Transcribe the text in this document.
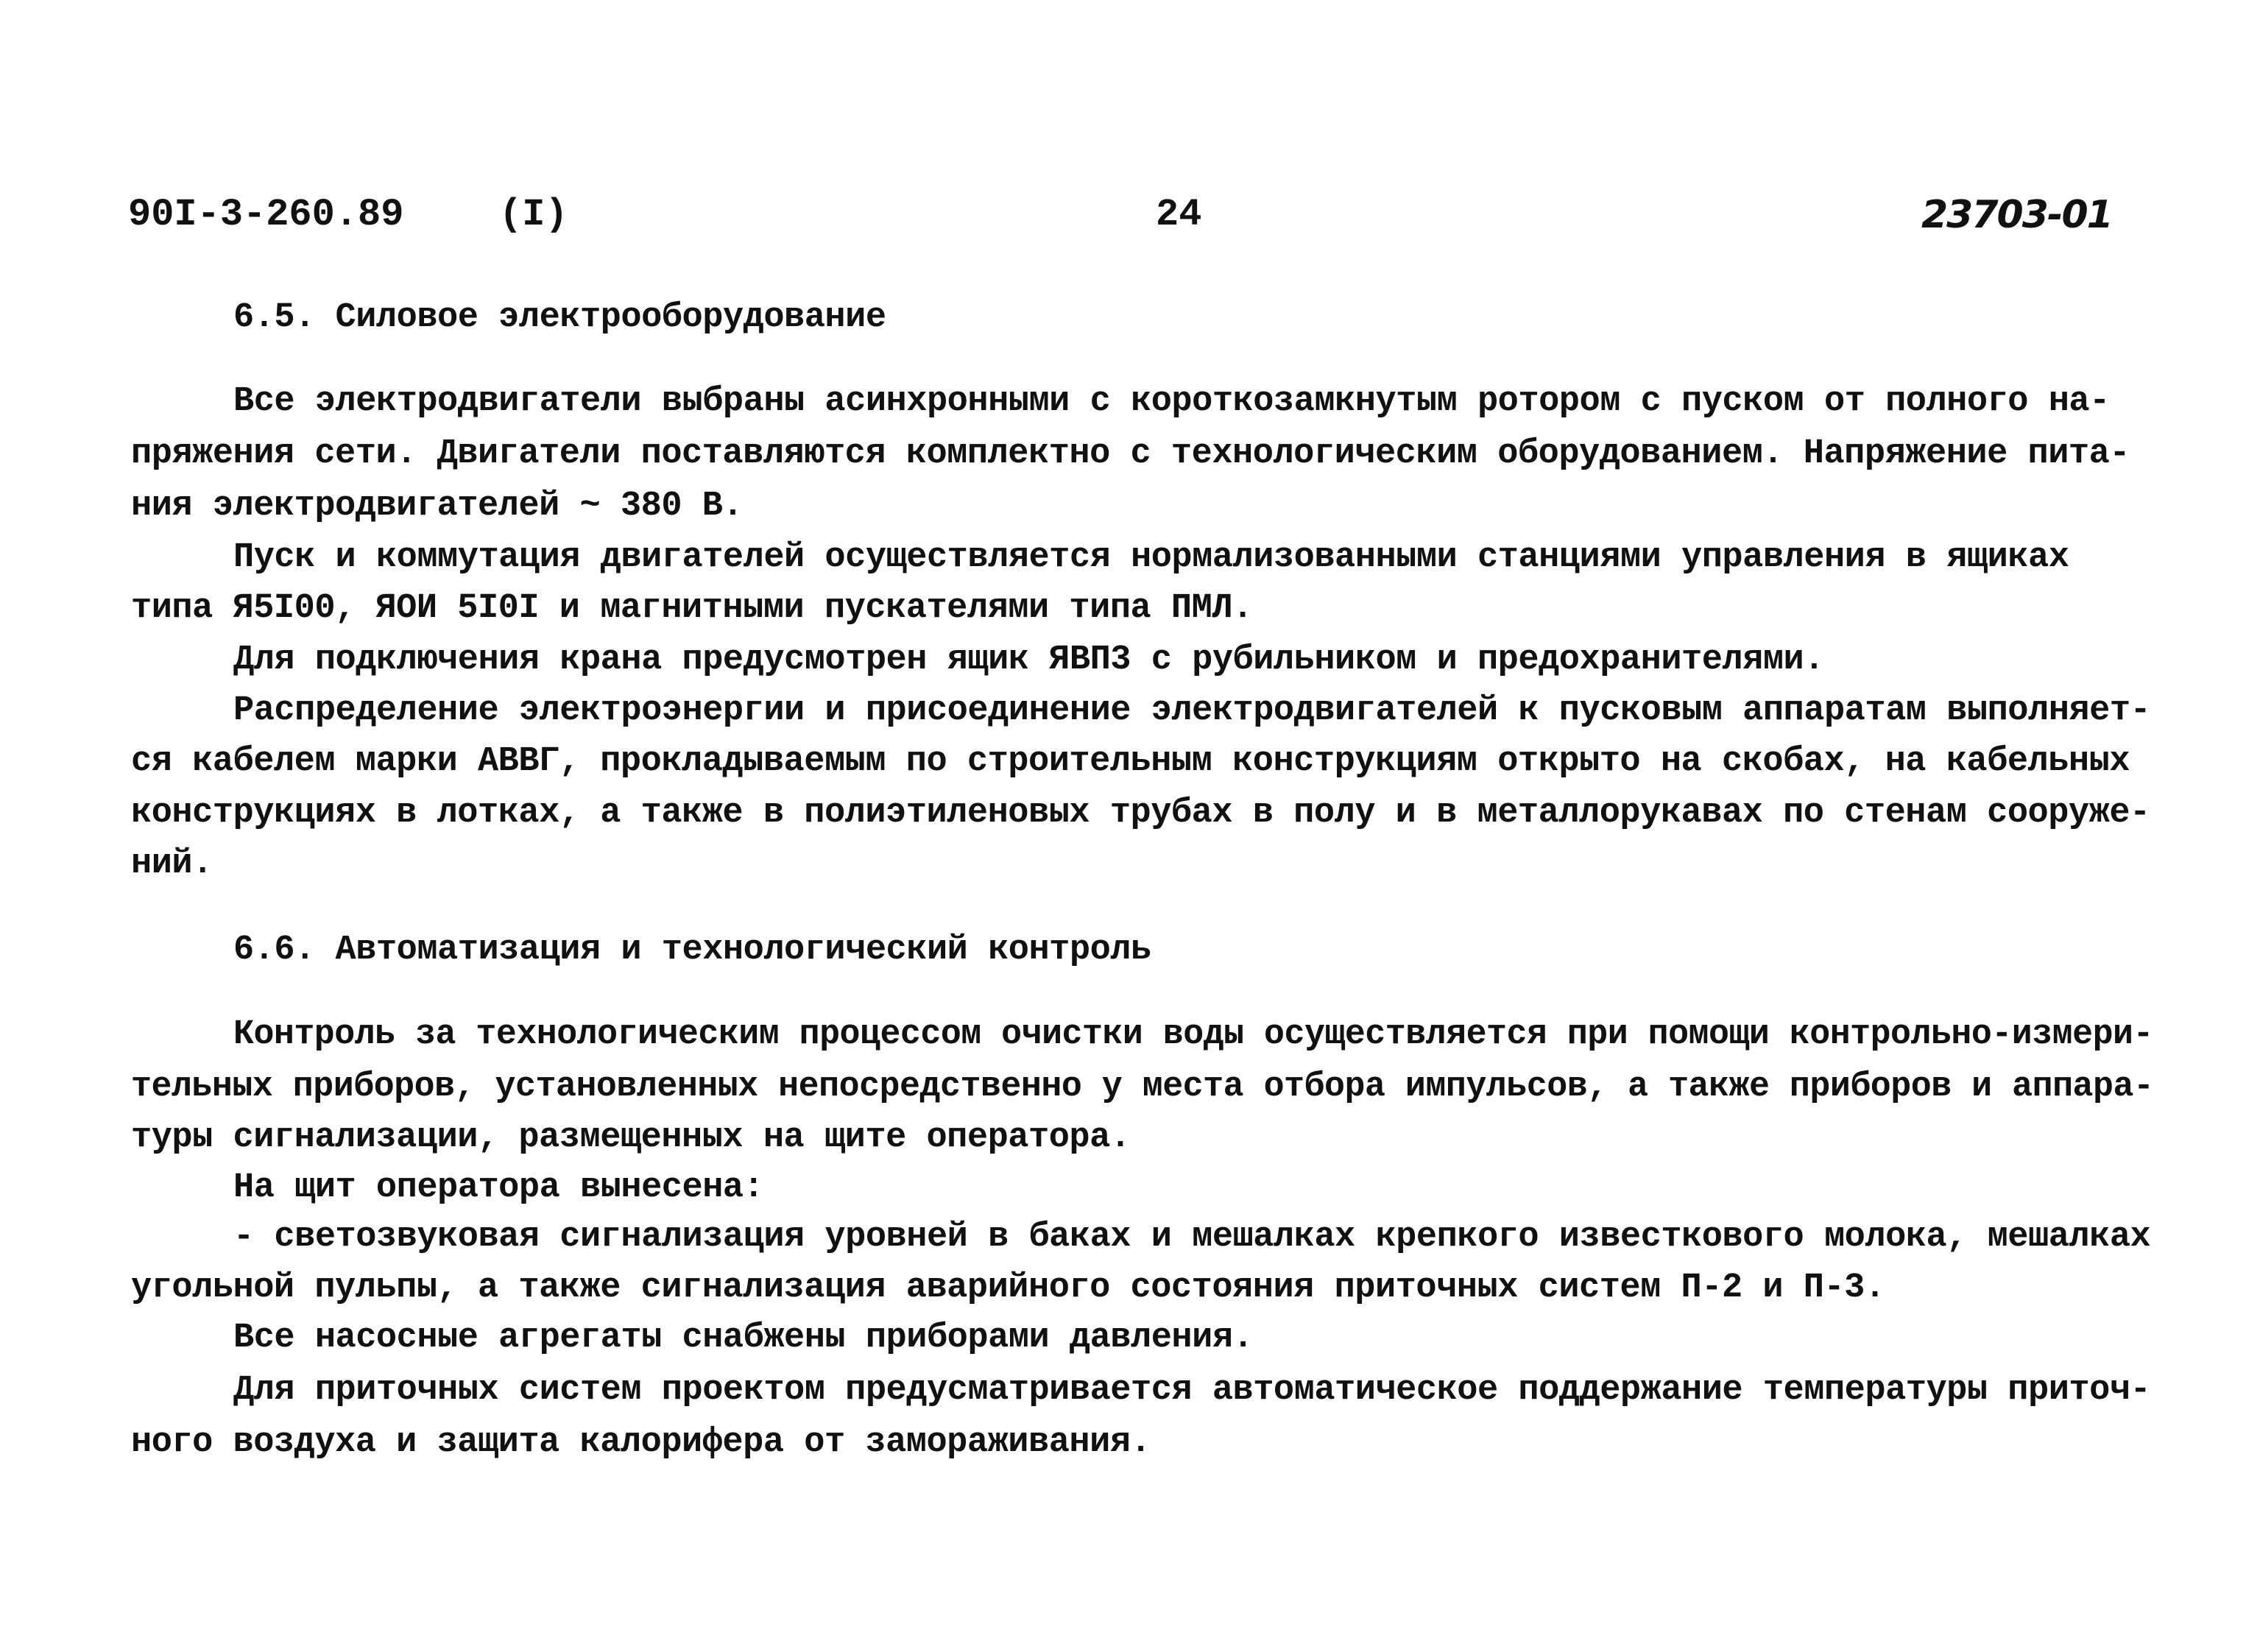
90I-3-260.89 (I)	24	23703-01
6.5. Силовое электрооборудование
Все электродвигатели выбраны асинхронными с короткозамкнутым ротором с пуском от полного на-
пряжения сети. Двигатели поставляются комплектно с технологическим оборудованием. Напряжение пита-
ния электродвигателей ~ 380 В.
Пуск и коммутация двигателей осуществляется нормализованными станциями управления в ящиках
типа Я5I00, ЯОИ 5I0I и магнитными пускателями типа ПМЛ.
Для подключения крана предусмотрен ящик ЯВП3 с рубильником и предохранителями.
Распределение электроэнергии и присоединение электродвигателей к пусковым аппаратам выполняет-
ся кабелем марки АВВГ, прокладываемым по строительным конструкциям открыто на скобах, на кабельных
конструкциях в лотках, а также в полиэтиленовых трубах в полу и в металлорукавах по стенам сооруже-
ний.
6.6. Автоматизация и технологический контроль
Контроль за технологическим процессом очистки воды осуществляется при помощи контрольно-измери-
тельных приборов, установленных непосредственно у места отбора импульсов, а также приборов и аппара-
туры сигнализации, размещенных на щите оператора.
На щит оператора вынесена:
- светозвуковая сигнализация уровней в баках и мешалках крепкого известкового молока, мешалках
угольной пульпы, а также сигнализация аварийного состояния приточных систем П-2 и П-3.
Все насосные агрегаты снабжены приборами давления.
Для приточных систем проектом предусматривается автоматическое поддержание температуры приточ-
ного воздуха и защита калорифера от замораживания.
